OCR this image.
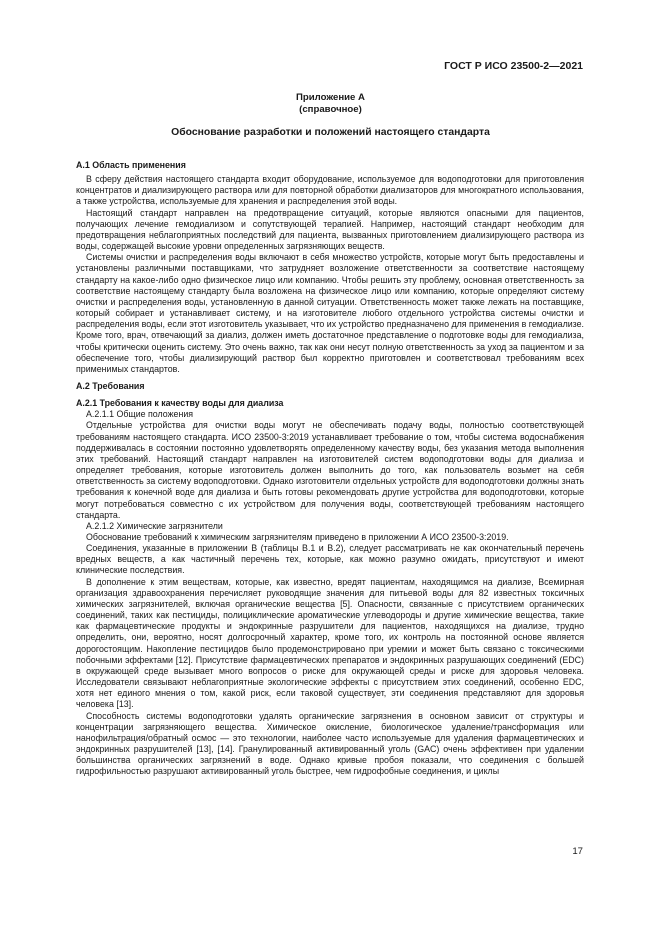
ГОСТ Р ИСО 23500-2—2021
Приложение А
(справочное)
Обоснование разработки и положений настоящего стандарта
А.1 Область применения

В сферу действия настоящего стандарта входит оборудование, используемое для водоподготовки для приготовления концентратов и диализирующего раствора или для повторной обработки диализаторов для многократного использования, а также устройства, используемые для хранения и распределения этой воды.

Настоящий стандарт направлен на предотвращение ситуаций, которые являются опасными для пациентов, получающих лечение гемодиализом и сопутствующей терапией. Например, настоящий стандарт необходим для предотвращения неблагоприятных последствий для пациента, вызванных приготовлением диализирующего раствора из воды, содержащей высокие уровни определенных загрязняющих веществ.

Системы очистки и распределения воды включают в себя множество устройств, которые могут быть предоставлены и установлены различными поставщиками, что затрудняет возложение ответственности за соответствие настоящему стандарту на какое-либо одно физическое лицо или компанию. Чтобы решить эту проблему, основная ответственность за соответствие настоящему стандарту была возложена на физическое лицо или компанию, которые определяют систему очистки и распределения воды, установленную в данной ситуации. Ответственность может также лежать на поставщике, который собирает и устанавливает систему, и на изготовителе любого отдельного устройства системы очистки и распределения воды, если этот изготовитель указывает, что их устройство предназначено для применения в гемодиализе. Кроме того, врач, отвечающий за диализ, должен иметь достаточное представление о подготовке воды для гемодиализа, чтобы критически оценить систему. Это очень важно, так как они несут полную ответственность за уход за пациентом и за обеспечение того, чтобы диализирующий раствор был корректно приготовлен и соответствовал требованиям всех применимых стандартов.

А.2 Требования
А.2.1 Требования к качеству воды для диализа

А.2.1.1 Общие положения

Отдельные устройства для очистки воды могут не обеспечивать подачу воды, полностью соответствующей требованиям настоящего стандарта. ИСО 23500-3:2019 устанавливает требование о том, чтобы система водоснабжения поддерживалась в состоянии постоянно удовлетворять определенному качеству воды, без указания метода выполнения этих требований. Настоящий стандарт направлен на изготовителей систем водоподготовки воды для диализа и определяет требования, которые изготовитель должен выполнить до того, как пользователь возьмет на себя ответственность за систему водоподготовки. Однако изготовители отдельных устройств для водоподготовки должны знать требования к конечной воде для диализа и быть готовы рекомендовать другие устройства для водоподготовки, которые могут потребоваться совместно с их устройством для получения воды, соответствующей требованиям настоящего стандарта.

А.2.1.2 Химические загрязнители

Обоснование требований к химическим загрязнителям приведено в приложении А ИСО 23500-3:2019.

Соединения, указанные в приложении В (таблицы В.1 и В.2), следует рассматривать не как окончательный перечень вредных веществ, а как частичный перечень тех, которые, как можно разумно ожидать, присутствуют и имеют клинические последствия.

В дополнение к этим веществам, которые, как известно, вредят пациентам, находящимся на диализе, Всемирная организация здравоохранения перечисляет руководящие значения для питьевой воды для 82 известных токсичных химических загрязнителей, включая органические вещества [5]. Опасности, связанные с присутствием органических соединений, таких как пестициды, полициклические ароматические углеводороды и другие химические вещества, такие как фармацевтические продукты и эндокринные разрушители для пациентов, находящихся на диализе, трудно определить, они, вероятно, носят долгосрочный характер, кроме того, их контроль на постоянной основе является дорогостоящим. Накопление пестицидов было продемонстрировано при уремии и может быть связано с токсическими побочными эффектами [12]. Присутствие фармацевтических препаратов и эндокринных разрушающих соединений (EDC) в окружающей среде вызывает много вопросов о риске для окружающей среды и риске для здоровья человека. Исследователи связывают неблагоприятные экологические эффекты с присутствием этих соединений, особенно EDC, хотя нет единого мнения о том, какой риск, если таковой существует, эти соединения представляют для здоровья человека [13].

Способность системы водоподготовки удалять органические загрязнения в основном зависит от структуры и концентрации загрязняющего вещества. Химическое окисление, биологическое удаление/трансформация или нанофильтрация/обратный осмос — это технологии, наиболее часто используемые для удаления фармацевтических и эндокринных разрушителей [13], [14]. Гранулированный активированный уголь (GAC) очень эффективен при удалении большинства органических загрязнений в воде. Однако кривые пробоя показали, что соединения с большей гидрофильностью разрушают активированный уголь быстрее, чем гидрофобные соединения, и циклы

17
